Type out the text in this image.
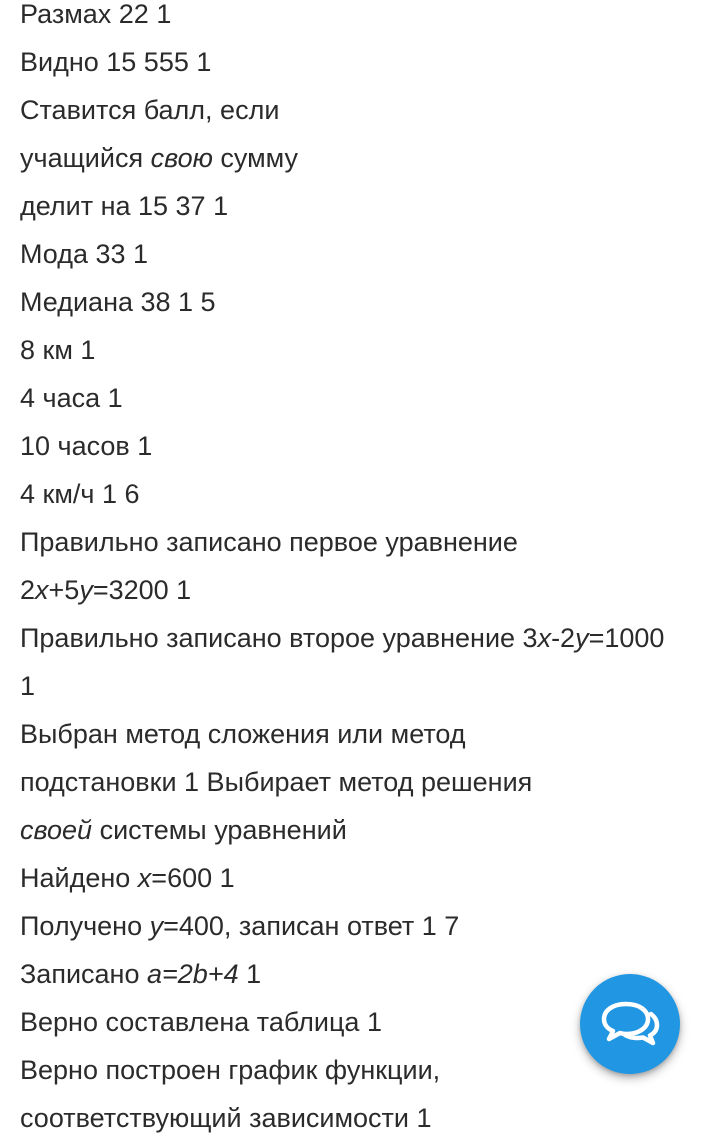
Размах 22 1
Видно 15 555 1
Ставится балл, если
учащийся свою сумму
делит на 15 37 1
Мода 33 1
Медиана 38 1 5
8 км 1
4 часа 1
10 часов 1
4 км/ч 1 6
Правильно записано первое уравнение
2x+5y=3200 1
Правильно записано второе уравнение 3x-2y=1000
1
Выбран метод сложения или метод
подстановки 1 Выбирает метод решения
своей системы уравнений
Найдено x=600 1
Получено y=400, записан ответ 1 7
Записано a=2b+4 1
Верно составлена таблица 1
Верно построен график функции,
соответствующий зависимости 1
